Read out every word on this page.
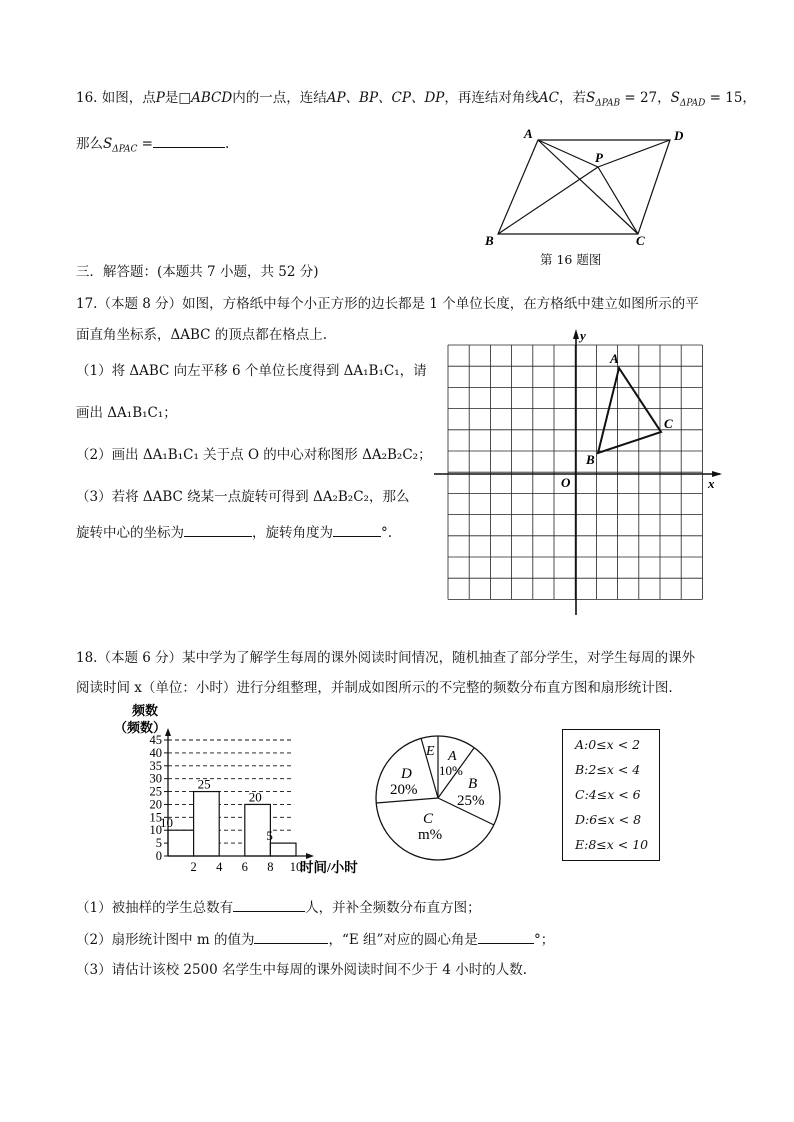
16. 如图，点P是□ABCD内的一点，连结AP、BP、CP、DP，再连结对角线AC，若$S_{\Delta PAB} = 27$，$S_{\Delta PAD} = 15$，
那么$S_{\Delta PAC}$ =	.
A	D
P
B	C
第 16 题图
三．解答题：(本题共 7 小题，共 52 分)
17.（本题 8 分）如图，方格纸中每个小正方形的边长都是 1 个单位长度，在方格纸中建立如图所示的平
面直角坐标系，ΔABC 的顶点都在格点上.
（1）将 ΔABC 向左平移 6 个单位长度得到 ΔA₁B₁C₁，请
画出 ΔA₁B₁C₁；
（2）画出 ΔA₁B₁C₁ 关于点 O 的中心对称图形 ΔA₂B₂C₂；
（3）若将 ΔABC 绕某一点旋转可得到 ΔA₂B₂C₂，那么
旋转中心的坐标为	，旋转角度为	°.
A
C
B
O	x
y
18.（本题 6 分）某中学为了解学生每周的课外阅读时间情况，随机抽查了部分学生，对学生每周的课外
阅读时间 x（单位：小时）进行分组整理，并制成如图所示的不完整的频数分布直方图和扇形统计图.
频数
（频数）
0
5
10
15
20
25
30
35
40
45
10
25
20
5
2 4 6 8 10
时间/小时
E A
10%
B
25%
D
20%
C
m%
A:0≤x < 2
B:2≤x < 4
C:4≤x < 6
D:6≤x < 8
E:8≤x < 10
（1）被抽样的学生总数有	人，并补全频数分布直方图；
（2）扇形统计图中 m 的值为	，“E 组”对应的圆心角是	°；
（3）请估计该校 2500 名学生中每周的课外阅读时间不少于 4 小时的人数.
